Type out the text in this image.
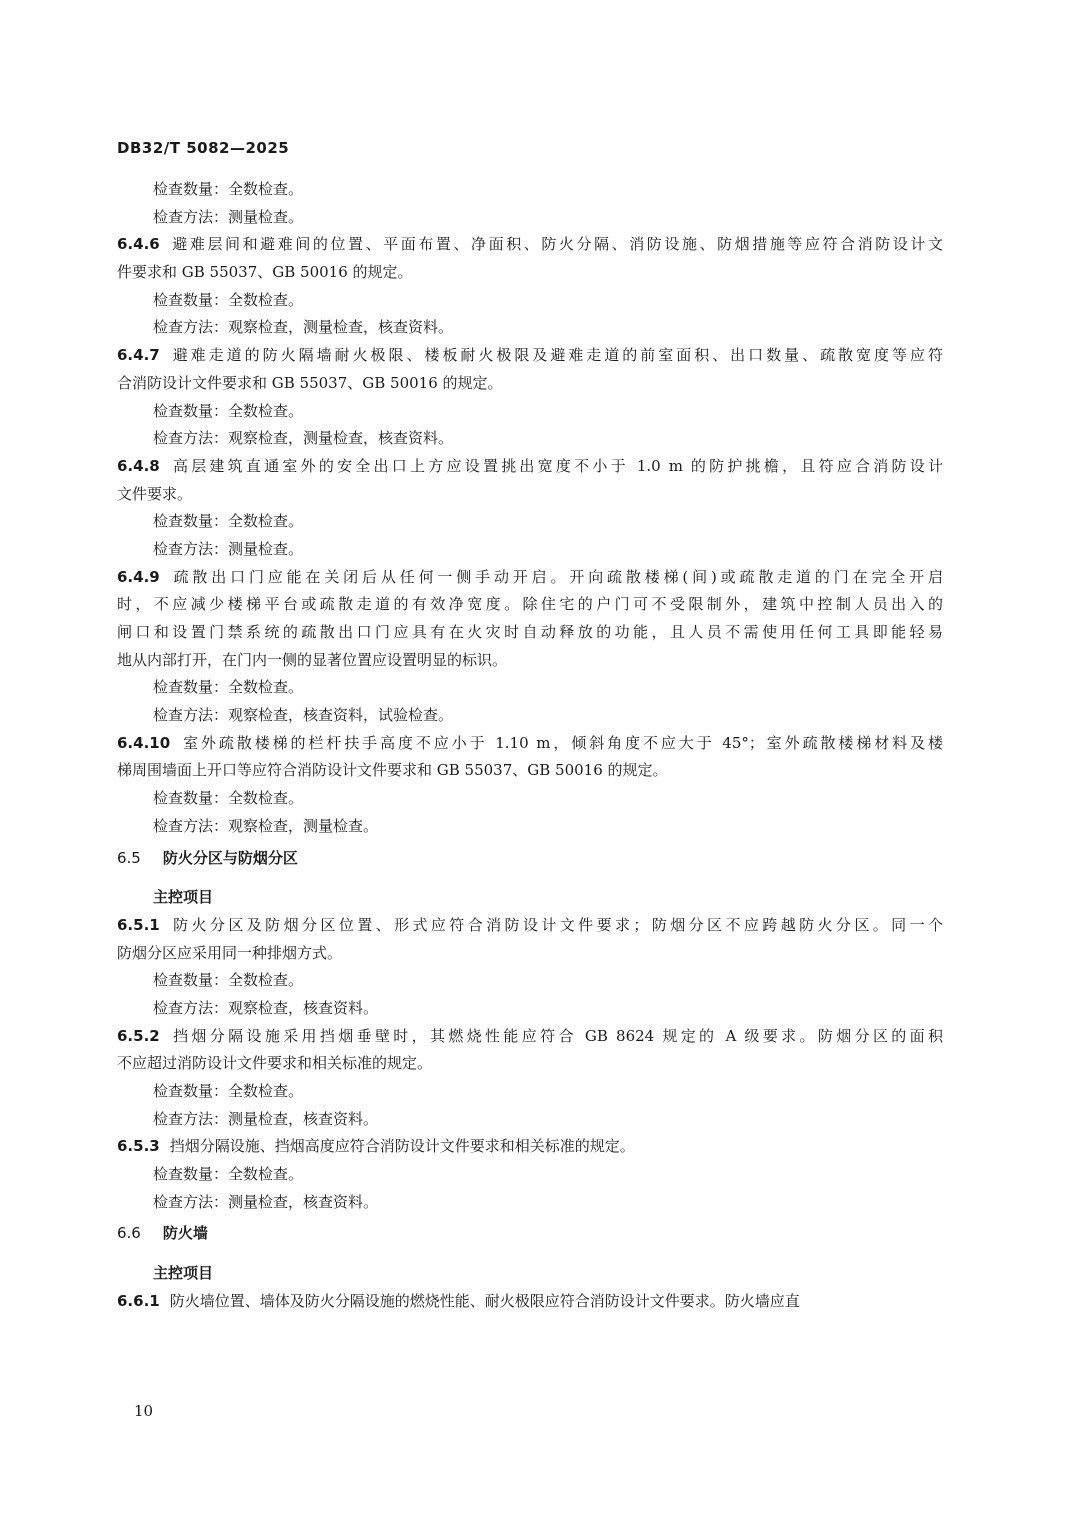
DB32/T 5082—2025
检查数量：全数检查。
检查方法：测量检查。
6.4.6 避难层间和避难间的位置、平面布置、净面积、防火分隔、消防设施、防烟措施等应符合消防设计文
件要求和 GB 55037、GB 50016 的规定。
检查数量：全数检查。
检查方法：观察检查，测量检查，核查资料。
6.4.7 避难走道的防火隔墙耐火极限、楼板耐火极限及避难走道的前室面积、出口数量、疏散宽度等应符
合消防设计文件要求和 GB 55037、GB 50016 的规定。
检查数量：全数检查。
检查方法：观察检查，测量检查，核查资料。
6.4.8 高层建筑直通室外的安全出口上方应设置挑出宽度不小于 1.0 m 的防护挑檐，且符应合消防设计
文件要求。
检查数量：全数检查。
检查方法：测量检查。
6.4.9 疏散出口门应能在关闭后从任何一侧手动开启。开向疏散楼梯(间)或疏散走道的门在完全开启
时，不应减少楼梯平台或疏散走道的有效净宽度。除住宅的户门可不受限制外，建筑中控制人员出入的
闸口和设置门禁系统的疏散出口门应具有在火灾时自动释放的功能，且人员不需使用任何工具即能轻易
地从内部打开，在门内一侧的显著位置应设置明显的标识。
检查数量：全数检查。
检查方法：观察检查，核查资料，试验检查。
6.4.10 室外疏散楼梯的栏杆扶手高度不应小于 1.10 m，倾斜角度不应大于 45°；室外疏散楼梯材料及楼
梯周围墙面上开口等应符合消防设计文件要求和 GB 55037、GB 50016 的规定。
检查数量：全数检查。
检查方法：观察检查，测量检查。
6.5 防火分区与防烟分区
主控项目
6.5.1 防火分区及防烟分区位置、形式应符合消防设计文件要求；防烟分区不应跨越防火分区。同一个
防烟分区应采用同一种排烟方式。
检查数量：全数检查。
检查方法：观察检查，核查资料。
6.5.2 挡烟分隔设施采用挡烟垂壁时，其燃烧性能应符合 GB 8624 规定的 A 级要求。防烟分区的面积
不应超过消防设计文件要求和相关标准的规定。
检查数量：全数检查。
检查方法：测量检查，核查资料。
6.5.3 挡烟分隔设施、挡烟高度应符合消防设计文件要求和相关标准的规定。
检查数量：全数检查。
检查方法：测量检查，核查资料。
6.6 防火墙
主控项目
6.6.1 防火墙位置、墙体及防火分隔设施的燃烧性能、耐火极限应符合消防设计文件要求。防火墙应直
10
